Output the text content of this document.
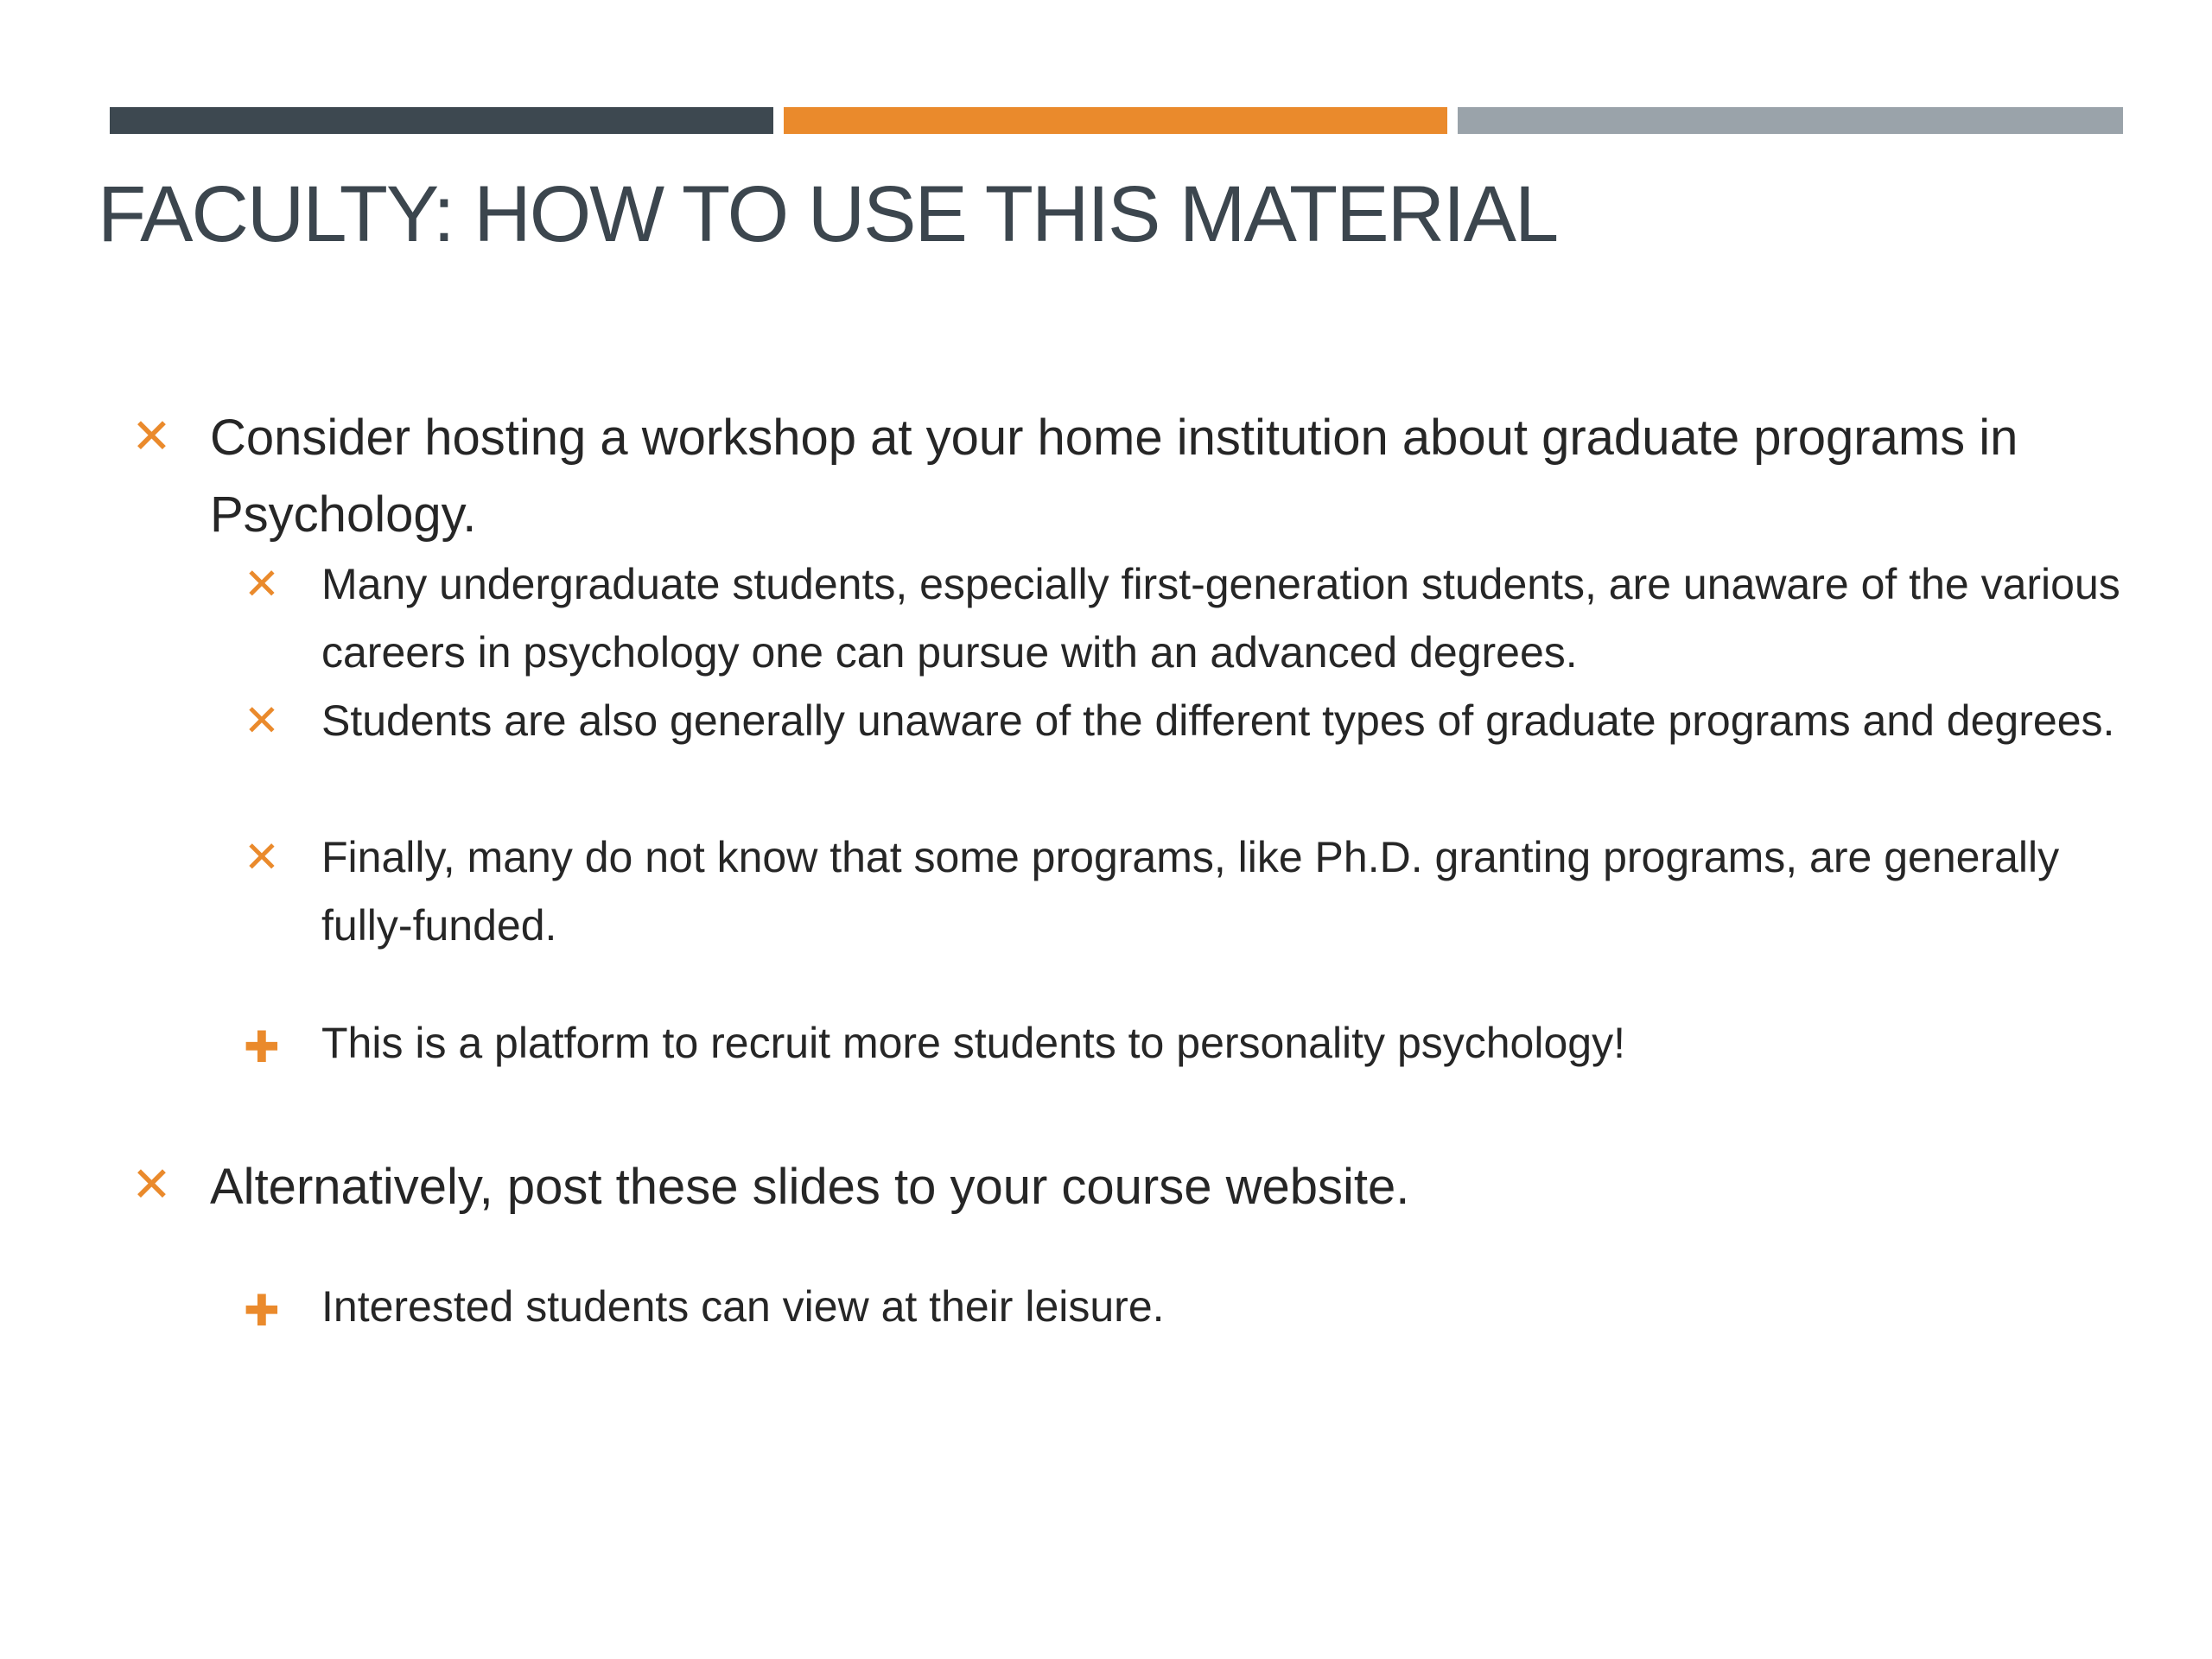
FACULTY: HOW TO USE THIS MATERIAL
✕ Consider hosting a workshop at your home institution about graduate programs in Psychology.
✕ Many undergraduate students, especially first-generation students, are unaware of the various careers in psychology one can pursue with an advanced degrees.
✕ Students are also generally unaware of the different types of graduate programs and degrees.
✕ Finally, many do not know that some programs, like Ph.D. granting programs, are generally fully-funded.
✚ This is a platform to recruit more students to personality psychology!
✕ Alternatively, post these slides to your course website.
✚ Interested students can view at their leisure.
